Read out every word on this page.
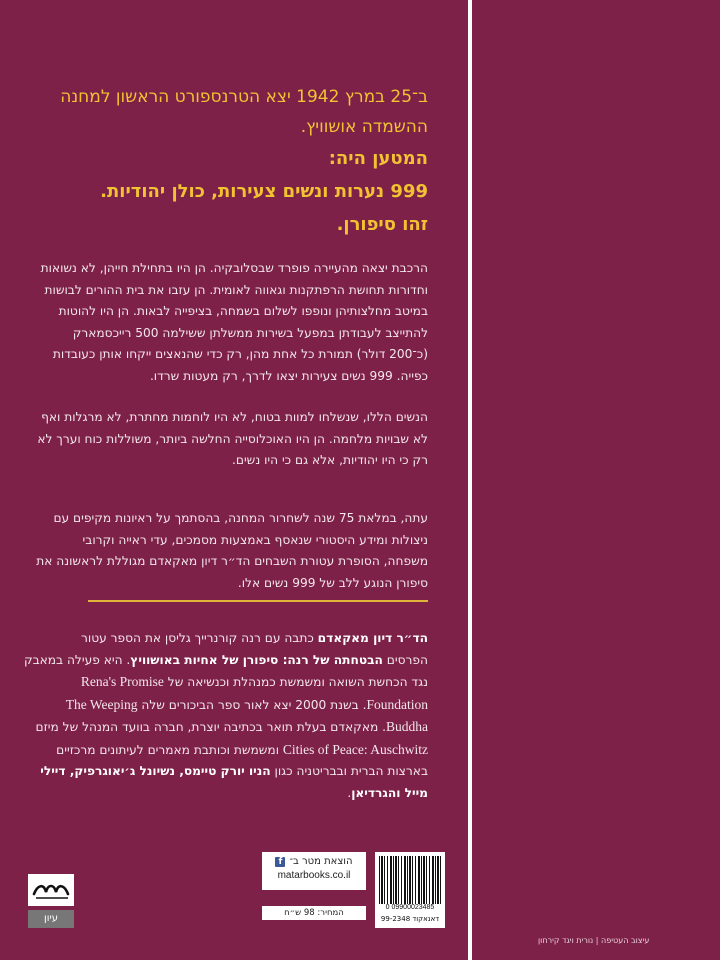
ב־25 במרץ 1942 יצא הטרנספורט הראשון למחנה
ההשמדה אושוויץ.
המטען היה:
999 נערות ונשים צעירות, כולן יהודיות.
זהו סיפורן.
הרכבת יצאה מהעיירה פופרד שבסלובקיה. הן היו בתחילת חייהן, לא נשואות
וחדורות תחושת הרפתקנות וגאווה לאומית. הן עזבו את בית ההורים לבושות
במיטב מחלצותיהן ונופפו לשלום בשמחה, בציפייה לבאות. הן היו להוטות
להתייצב לעבודתן במפעל בשירות ממשלתן ששילמה 500 רייכסמארק
(כ־200 דולר) תמורת כל אחת מהן, רק כדי שהנאצים ייקחו אותן כעובדות
כפייה. 999 נשים צעירות יצאו לדרך, רק מעטות שרדו.
הנשים הללו, שנשלחו למוות בטוח, לא היו לוחמות מחתרת, לא מרגלות ואף
לא שבויות מלחמה. הן היו האוכלוסייה החלשה ביותר, משוללות כוח וערך לא
רק כי היו יהודיות, אלא גם כי היו נשים.
עתה, במלאת 75 שנה לשחרור המחנה, בהסתמך על ראיונות מקיפים עם
ניצולות ומידע היסטורי שנאסף באמצעות מסמכים, עדי ראייה וקרובי
משפחה, הסופרת עטורת השבחים הד״ר דיון מאקאדם מגוללת לראשונה את
סיפורן הנוגע ללב של 999 נשים אלו.
הד״ר דיון מאקאדם כתבה עם רנה קורנרייך גליסן את הספר עטור
הפרסים הבטחתה של רנה: סיפורן של אחיות באושוויץ. היא פעילה במאבק
נגד הכחשת השואה ומשמשת כמנהלת וכנשיאה של Rena's Promise
Foundation. בשנת 2000 יצא לאור ספר הביכורים שלה The Weeping
Buddha. מאקאדם בעלת תואר בכתיבה יוצרת, חברה בוועד המנהל של מיזם
Cities of Peace: Auschwitz ומשמשת וכותבת מאמרים לעיתונים מרכזיים
בארצות הברית ובבריטניה כגון הניו יורק טיימס, נשיונל ג׳יאוגרפיק, דיילי
מייל והגרדיאן.
הוצאת מטר ב־
f
matarbooks.co.il
המחיר: 98 ש״ח
0 09900023485
דאנאקוד 99-2348
עיון
עיצוב העטיפה | נורית ויגד קירחון
